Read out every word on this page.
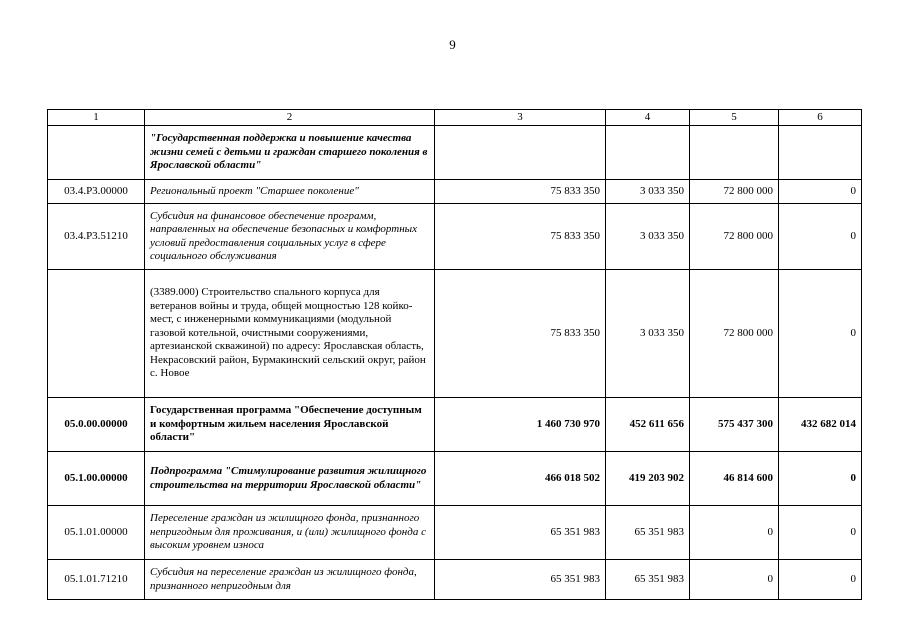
9
1	2	3	4	5	6
	"Государственная поддержка и повышение качества жизни семей с детьми и граждан старшего поколения в Ярославской области"				
03.4.Р3.00000	Региональный проект "Старшее поколение"	75 833 350	3 033 350	72 800 000	0
03.4.Р3.51210	Субсидия на финансовое обеспечение программ, направленных на обеспечение безопасных и комфортных условий предоставления социальных услуг в сфере социального обслуживания	75 833 350	3 033 350	72 800 000	0
	(3389.000) Строительство спального корпуса для ветеранов войны и труда, общей мощностью 128 койко-мест, с инженерными коммуникациями (модульной газовой котельной, очистными сооружениями, артезианской скважиной) по адресу: Ярославская область, Некрасовский район, Бурмакинский сельский округ, район с. Новое	75 833 350	3 033 350	72 800 000	0
05.0.00.00000	Государственная программа "Обеспечение доступным и комфортным жильем населения Ярославской области"	1 460 730 970	452 611 656	575 437 300	432 682 014
05.1.00.00000	Подпрограмма "Стимулирование развития жилищного строительства на территории Ярославской области"	466 018 502	419 203 902	46 814 600	0
05.1.01.00000	Переселение граждан из жилищного фонда, признанного непригодным для проживания, и (или) жилищного фонда с высоким уровнем износа	65 351 983	65 351 983	0	0
05.1.01.71210	Субсидия на переселение граждан из жилищного фонда, признанного непригодным для	65 351 983	65 351 983	0	0
